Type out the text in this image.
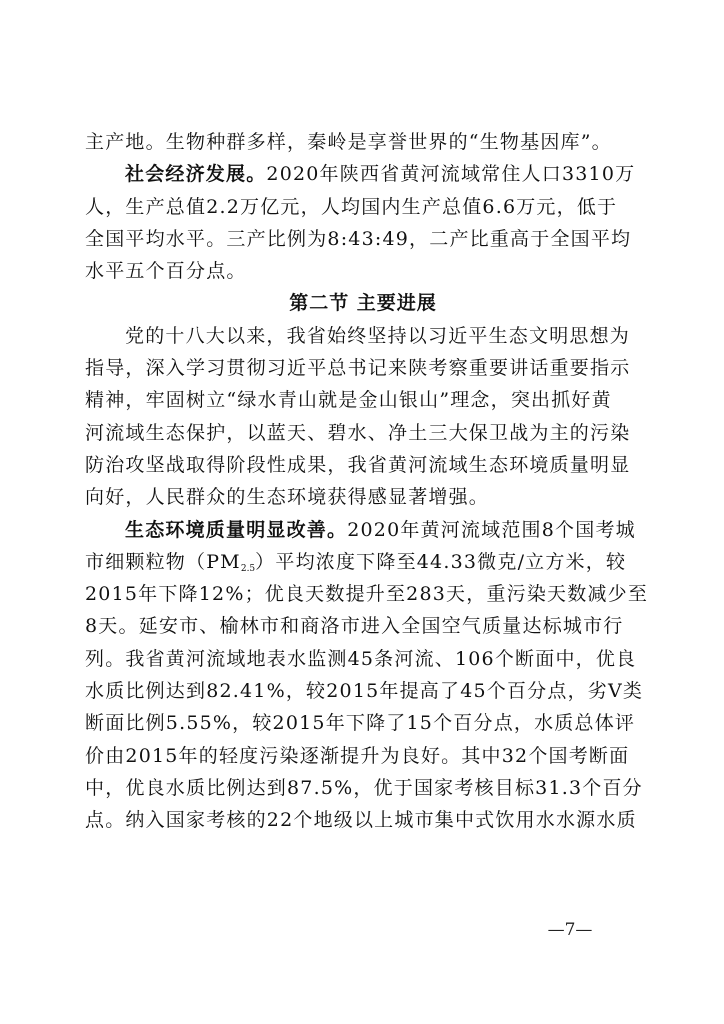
主产地。生物种群多样，秦岭是享誉世界的“生物基因库”。
社会经济发展。2020年陕西省黄河流域常住人口3310万
人，生产总值2.2万亿元，人均国内生产总值6.6万元，低于
全国平均水平。三产比例为8:43:49，二产比重高于全国平均
水平五个百分点。
第二节 主要进展
党的十八大以来，我省始终坚持以习近平生态文明思想为
指导，深入学习贯彻习近平总书记来陕考察重要讲话重要指示
精神，牢固树立“绿水青山就是金山银山”理念，突出抓好黄
河流域生态保护，以蓝天、碧水、净土三大保卫战为主的污染
防治攻坚战取得阶段性成果，我省黄河流域生态环境质量明显
向好，人民群众的生态环境获得感显著增强。
生态环境质量明显改善。2020年黄河流域范围8个国考城
市细颗粒物$(PM_{2.5})$平均浓度下降至44.33微克/立方米，较
2015年下降12%；优良天数提升至283天，重污染天数减少至
8天。延安市、榆林市和商洛市进入全国空气质量达标城市行
列。我省黄河流域地表水监测45条河流、106个断面中，优良
水质比例达到82.41%，较2015年提高了45个百分点，劣Ⅴ类
断面比例5.55%，较2015年下降了15个百分点，水质总体评
价由2015年的轻度污染逐渐提升为良好。其中32个国考断面
中，优良水质比例达到87.5%，优于国家考核目标31.3个百分
点。纳入国家考核的22个地级以上城市集中式饮用水水源水质
—7—
